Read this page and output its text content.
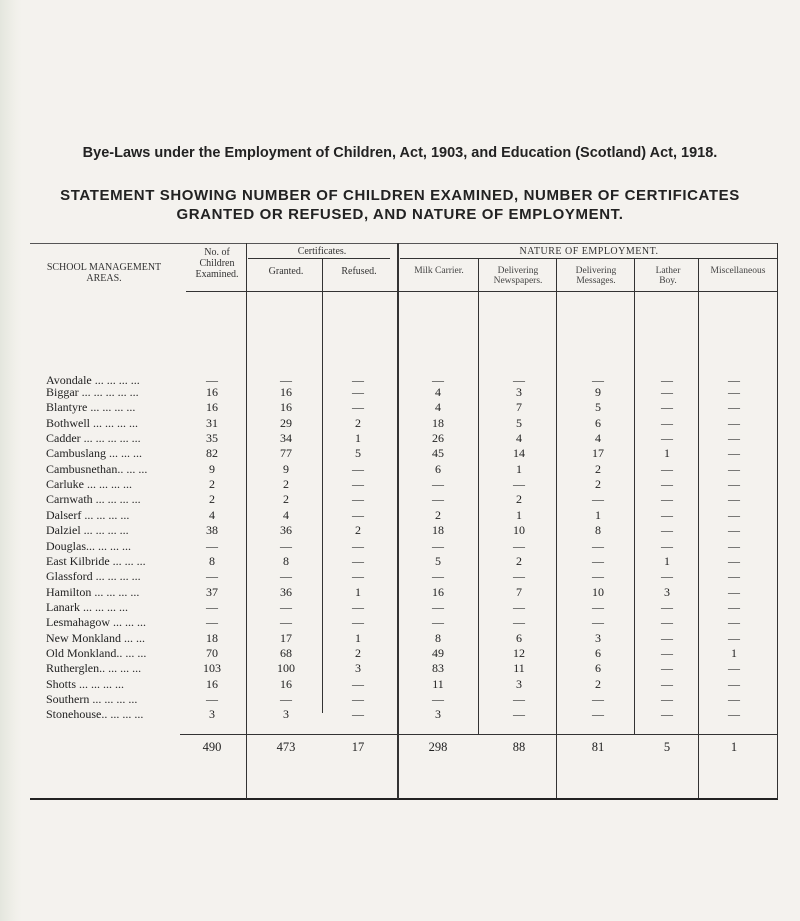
Bye-Laws under the Employment of Children, Act, 1903, and Education (Scotland) Act, 1918.
STATEMENT SHOWING NUMBER OF CHILDREN EXAMINED, NUMBER OF CERTIFICATES
GRANTED OR REFUSED, AND NATURE OF EMPLOYMENT.
SCHOOL MANAGEMENT AREAS.
No. of Children Examined.
Certificates.
Granted.	Refused.
NATURE OF EMPLOYMENT.
Milk Carrier.	Delivering Newspapers.
Delivering Messages.
Lather Boy.
Miscellaneous
Avondale ... ... ... ...	—	—	—	—	—	—	—	—
Biggar ... ... ... ... ...	16	16	—	4	3	9	—	—
Blantyre ... ... ... ...	16	16	—	4	7	5	—	—
Bothwell ... ... ... ...	31	29	2	18	5	6	—	—
Cadder ... ... ... ... ...	35	34	1	26	4	4	—	—
Cambuslang ... ... ...	82	77	5	45	14	17	1	—
Cambusnethan.. ... ...	9	9	—	6	1	2	—	—
Carluke ... ... ... ...	2	2	—	—	—	2	—	—
Carnwath ... ... ... ...	2	2	—	—	2	—	—	—
Dalserf ... ... ... ...	4	4	—	2	1	1	—	—
Dalziel ... ... ... ...	38	36	2	18	10	8	—	—
Douglas... ... ... ...	—	—	—	—	—	—	—	—
East Kilbride ... ... ...	8	8	—	5	2	—	1	—
Glassford ... ... ... ...	—	—	—	—	—	—	—	—
Hamilton ... ... ... ...	37	36	1	16	7	10	3	—
Lanark ... ... ... ...	—	—	—	—	—	—	—	—
Lesmahagow ... ... ...	—	—	—	—	—	—	—	—
New Monkland ... ...	18	17	1	8	6	3	—	—
Old Monkland.. ... ...	70	68	2	49	12	6	—	1
Rutherglen.. ... ... ...	103	100	3	83	11	6	—	—
Shotts ... ... ... ...	16	16	—	11	3	2	—	—
Southern ... ... ... ...	—	—	—	—	—	—	—	—
Stonehouse.. ... ... ...	3	3	—	3	—	—	—	—
490	473	17	298	88	81	5	1
